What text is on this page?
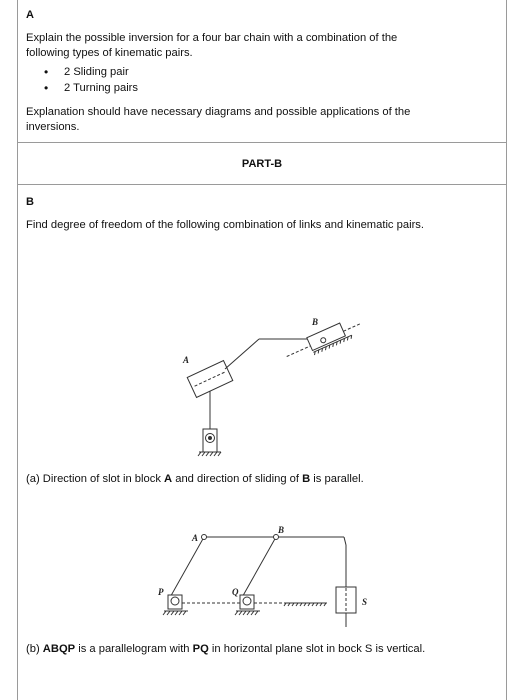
A
Explain the possible inversion for a four bar chain with a combination of the
following types of kinematic pairs.
• 2 Sliding pair
• 2 Turning pairs
Explanation should have necessary diagrams and possible applications of the
inversions.
PART-B
B
Find degree of freedom of the following combination of links and kinematic pairs.
B
A
(a) Direction of slot in block A and direction of sliding of B is parallel.
A
B
P	Q
S
(b) ABQP is a parallelogram with PQ in horizontal plane slot in bock S is vertical.
